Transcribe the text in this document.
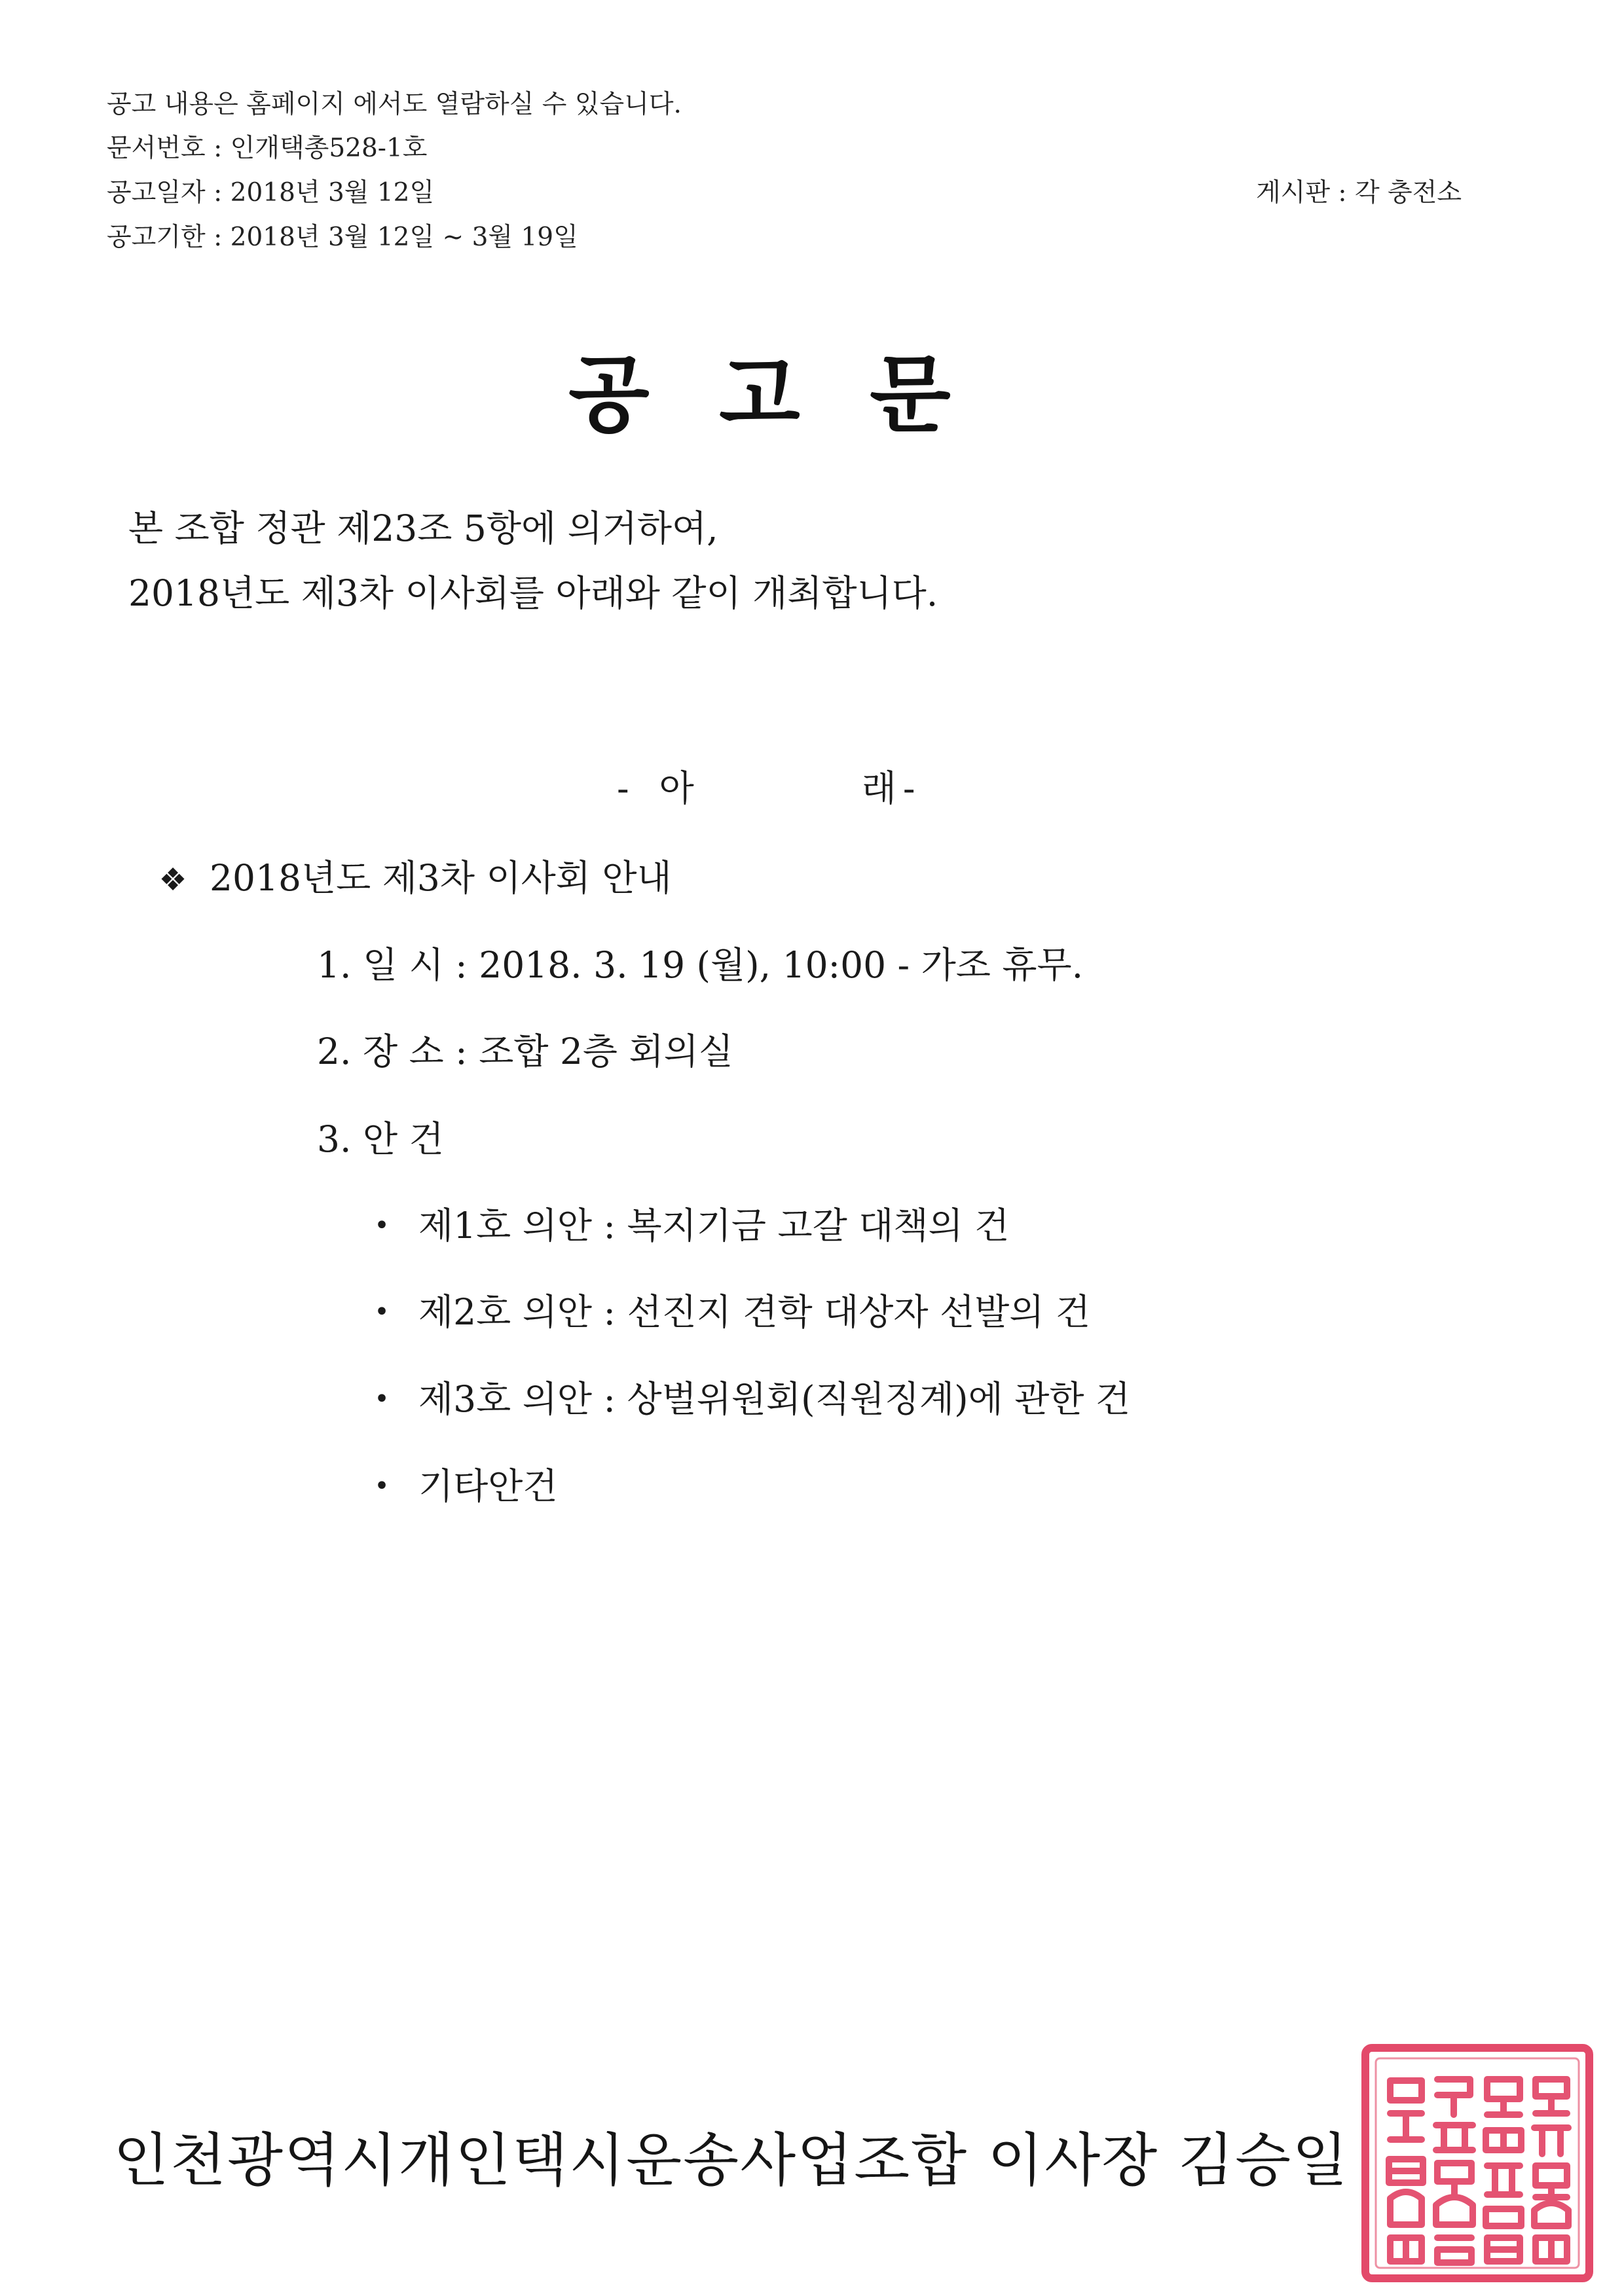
공고 내용은 홈페이지 에서도 열람하실 수 있습니다.
문서번호 : 인개택총528-1호
공고일자 : 2018년 3월 12일
공고기한 : 2018년 3월 12일 ~ 3월 19일
게시판 : 각 충전소
공 고 문
본 조합 정관 제23조 5항에 의거하여,
2018년도 제3차 이사회를 아래와 같이 개최합니다.
- 아	래 -
❖ 2018년도 제3차 이사회 안내
1. 일 시 : 2018. 3. 19 (월), 10:00 - 가조 휴무.
2. 장 소 : 조합 2층 회의실
3. 안 건
• 제1호 의안 : 복지기금 고갈 대책의 건
• 제2호 의안 : 선진지 견학 대상자 선발의 건
• 제3호 의안 : 상벌위원회(직원징계)에 관한 건
• 기타안건
인천광역시개인택시운송사업조합 이사장 김승일
